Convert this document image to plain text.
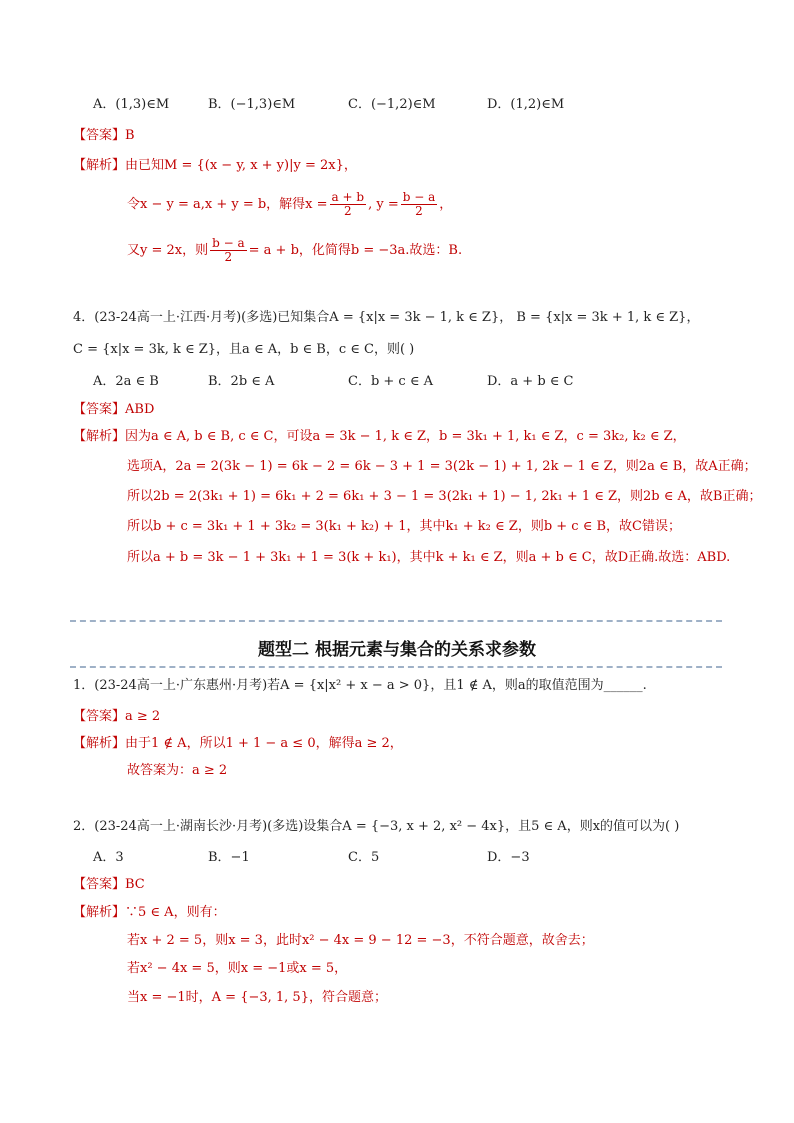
A．(1,3)∈M	B．(−1,3)∈M	C．(−1,2)∈M	D．(1,2)∈M
【答案】B
【解析】由已知M = {(x − y, x + y)|y = 2x}，
令x − y = a,x + y = b，解得$x = \frac{a + b}{2}$ , $y = \frac{b - a}{2}$ ，
又y = 2x，则 $\frac{b - a}{2} = a + b$，化简得b = −3a.故选：B.
4．(23-24高一上·江西·月考)(多选)已知集合A = {x|x = 3k − 1, k ∈ Z}， B = {x|x = 3k + 1, k ∈ Z}，
C = {x|x = 3k, k ∈ Z}，且a ∈ A，b ∈ B，c ∈ C，则( )
A．2a ∈ B	B．2b ∈ A	C．b + c ∈ A	D．a + b ∈ C
【答案】ABD
【解析】因为a ∈ A, b ∈ B, c ∈ C，可设a = 3k − 1, k ∈ Z，b = 3k₁ + 1, k₁ ∈ Z，c = 3k₂, k₂ ∈ Z，
选项A，2a = 2(3k − 1) = 6k − 2 = 6k − 3 + 1 = 3(2k − 1) + 1, 2k − 1 ∈ Z，则2a ∈ B，故A正确；
所以2b = 2(3k₁ + 1) = 6k₁ + 2 = 6k₁ + 3 − 1 = 3(2k₁ + 1) − 1, 2k₁ + 1 ∈ Z，则2b ∈ A，故B正确；
所以b + c = 3k₁ + 1 + 3k₂ = 3(k₁ + k₂) + 1，其中k₁ + k₂ ∈ Z，则b + c ∈ B，故C错误；
所以a + b = 3k − 1 + 3k₁ + 1 = 3(k + k₁)，其中k + k₁ ∈ Z，则a + b ∈ C，故D正确.故选：ABD.
题型二 根据元素与集合的关系求参数
1．(23-24高一上·广东惠州·月考)若A = {x|x² + x − a > 0}，且1 ∉ A，则a的取值范围为______.
【答案】a ≥ 2
【解析】由于1 ∉ A，所以1 + 1 − a ≤ 0，解得a ≥ 2，
故答案为：a ≥ 2
2．(23-24高一上·湖南长沙·月考)(多选)设集合A = {−3, x + 2, x² − 4x}，且5 ∈ A，则x的值可以为( )
A．3	B．−1	C．5	D．−3
【答案】BC
【解析】∵5 ∈ A，则有：
若x + 2 = 5，则x = 3，此时x² − 4x = 9 − 12 = −3，不符合题意，故舍去；
若x² − 4x = 5，则x = −1或x = 5，
当x = −1时，A = {−3, 1, 5}，符合题意；
